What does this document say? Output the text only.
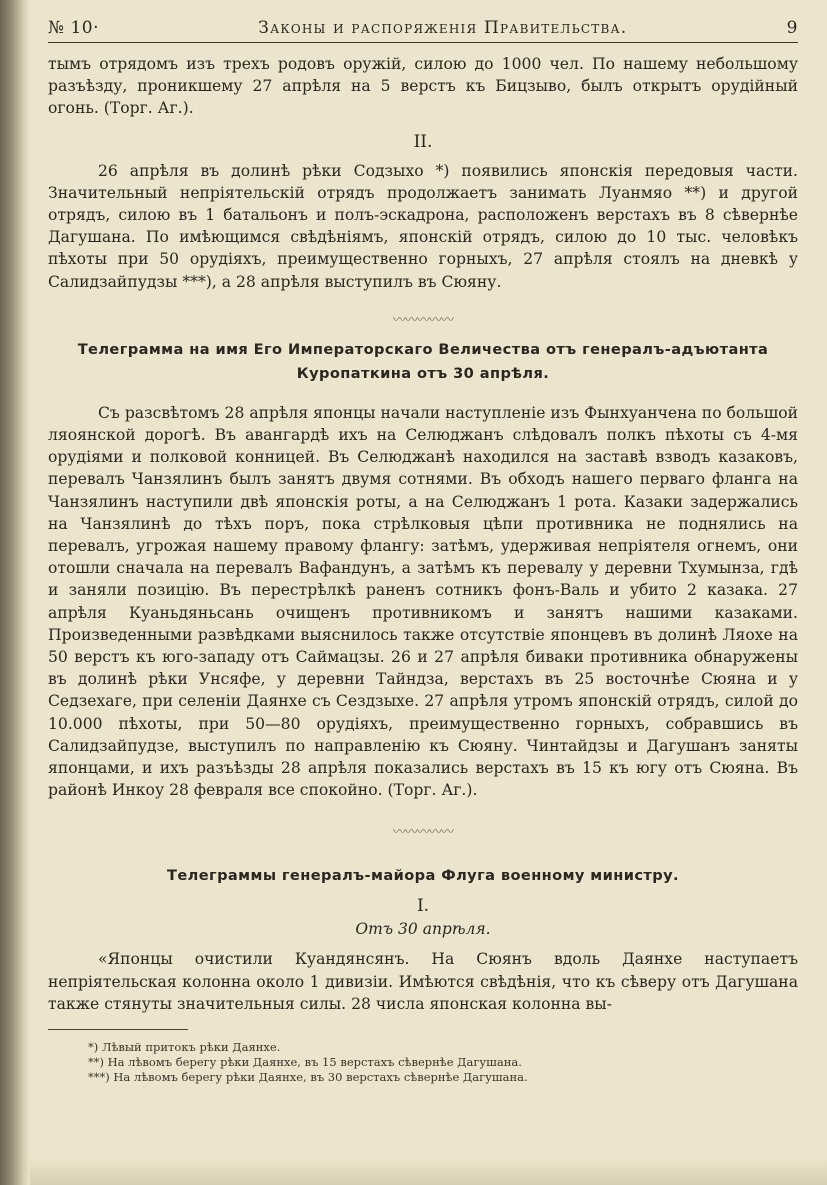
№ 10·	Законы и распоряженія Правительства.	9

тымъ отрядомъ изъ трехъ родовъ оружій, силою до 1000 чел. По нашему небольшому разъѣзду, проникшему 27 апрѣля на 5 верстъ къ Бицзыво, былъ открытъ орудійный огонь. (Торг. Аг.).

II.

26 апрѣля въ долинѣ рѣки Содзыхо *) появились японскія передовыя части. Значительный непріятельскій отрядъ продолжаетъ занимать Луанмяо **) и другой отрядъ, силою въ 1 батальонъ и полъ-эскадрона, расположенъ верстахъ въ 8 сѣвернѣе Дагушана. По имѣющимся свѣдѣніямъ, японскій отрядъ, силою до 10 тыс. человѣкъ пѣхоты при 50 орудіяхъ, преимущественно горныхъ, 27 апрѣля стоялъ на дневкѣ у Салидзайпудзы ***), а 28 апрѣля выступилъ въ Сюяну.

〰〰〰〰〰
Телеграмма на имя Его Императорскаго Величества отъ генералъ-адъютанта Куропаткина отъ 30 апрѣля.

Съ разсвѣтомъ 28 апрѣля японцы начали наступленіе изъ Фынхуанчена по большой ляоянской дорогѣ. Въ авангардѣ ихъ на Селюджанъ слѣдовалъ полкъ пѣхоты съ 4-мя орудіями и полковой конницей. Въ Селюджанѣ находился на заставѣ взводъ казаковъ, перевалъ Чанзялинъ былъ занятъ двумя сотнями. Въ обходъ нашего перваго фланга на Чанзялинъ наступили двѣ японскія роты, а на Селюджанъ 1 рота. Казаки задержались на Чанзялинѣ до тѣхъ поръ, пока стрѣлковыя цѣпи противника не поднялись на перевалъ, угрожая нашему правому флангу: затѣмъ, удерживая непріятеля огнемъ, они отошли сначала на перевалъ Вафандунъ, а затѣмъ къ перевалу у деревни Тхумынза, гдѣ и заняли позицію. Въ перестрѣлкѣ раненъ сотникъ фонъ-Валь и убито 2 казака. 27 апрѣля Куаньдяньсань очищенъ противникомъ и занятъ нашими казаками. Произведенными развѣдками выяснилось также отсутствіе японцевъ въ долинѣ Ляохе на 50 верстъ къ юго-западу отъ Саймацзы. 26 и 27 апрѣля биваки противника обнаружены въ долинѣ рѣки Унсяфе, у деревни Тайндза, верстахъ въ 25 восточнѣе Сюяна и у Седзехаге, при селеніи Даянхе съ Сездзыхе. 27 апрѣля утромъ японскій отрядъ, силой до 10.000 пѣхоты, при 50—80 орудіяхъ, преимущественно горныхъ, собравшись въ Салидзайпудзе, выступилъ по направленію къ Сюяну. Чинтайдзы и Дагушанъ заняты японцами, и ихъ разъѣзды 28 апрѣля показались верстахъ въ 15 къ югу отъ Сюяна. Въ районѣ Инкоу 28 февраля все спокойно. (Торг. Аг.).

〰〰〰〰〰
Телеграммы генералъ-майора Флуга военному министру.
I.
Отъ 30 апрѣля.

«Японцы очистили Куандянсянъ. На Сюянъ вдоль Даянхе наступаетъ непріятельская колонна около 1 дивизіи. Имѣются свѣдѣнія, что къ сѣверу отъ Дагушана также стянуты значительныя силы. 28 числа японская колонна вы-

*) Лѣвый притокъ рѣки Даянхе.
**) На лѣвомъ берегу рѣки Даянхе, въ 15 верстахъ сѣвернѣе Дагушана.
***) На лѣвомъ берегу рѣки Даянхе, въ 30 верстахъ сѣвернѣе Дагушана.
